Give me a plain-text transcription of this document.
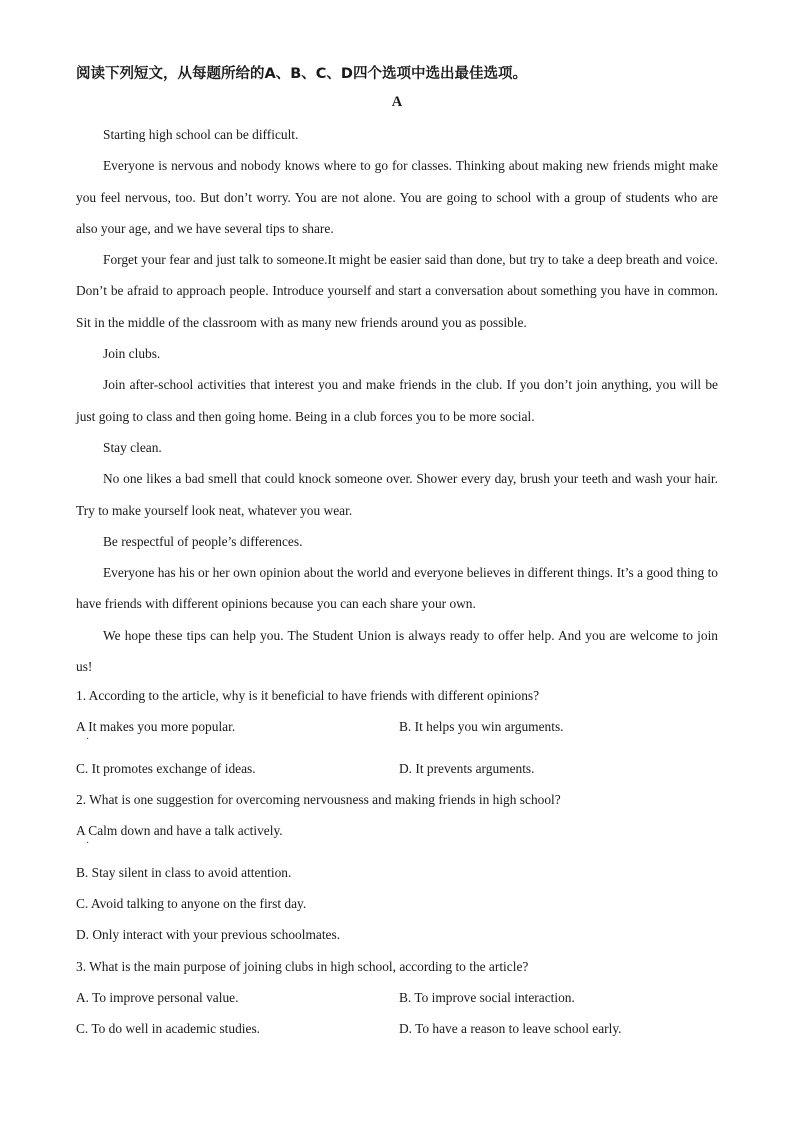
阅读下列短文，从每题所给的A、B、C、D四个选项中选出最佳选项。
A

Starting high school can be difficult.

Everyone is nervous and nobody knows where to go for classes. Thinking about making new friends might make you feel nervous, too. But don’t worry. You are not alone. You are going to school with a group of students who are also your age, and we have several tips to share.

Forget your fear and just talk to someone.It might be easier said than done, but try to take a deep breath and voice. Don’t be afraid to approach people. Introduce yourself and start a conversation about something you have in common. Sit in the middle of the classroom with as many new friends around you as possible.

Join clubs.

Join after-school activities that interest you and make friends in the club. If you don’t join anything, you will be just going to class and then going home. Being in a club forces you to be more social.

Stay clean.

No one likes a bad smell that could knock someone over. Shower every day, brush your teeth and wash your hair. Try to make yourself look neat, whatever you wear.

Be respectful of people’s differences.

Everyone has his or her own opinion about the world and everyone believes in different things. It’s a good thing to have friends with different opinions because you can each share your own.

We hope these tips can help you. The Student Union is always ready to offer help. And you are welcome to join us!

1. According to the article, why is it beneficial to have friends with different opinions?
A It makes you more popular.
·
B. It helps you win arguments.
C. It promotes exchange of ideas.	D. It prevents arguments.
2. What is one suggestion for overcoming nervousness and making friends in high school?
A Calm down and have a talk actively.
·
B. Stay silent in class to avoid attention.
C. Avoid talking to anyone on the first day.
D. Only interact with your previous schoolmates.
3. What is the main purpose of joining clubs in high school, according to the article?
A. To improve personal value.	B. To improve social interaction.
C. To do well in academic studies.	D. To have a reason to leave school early.
